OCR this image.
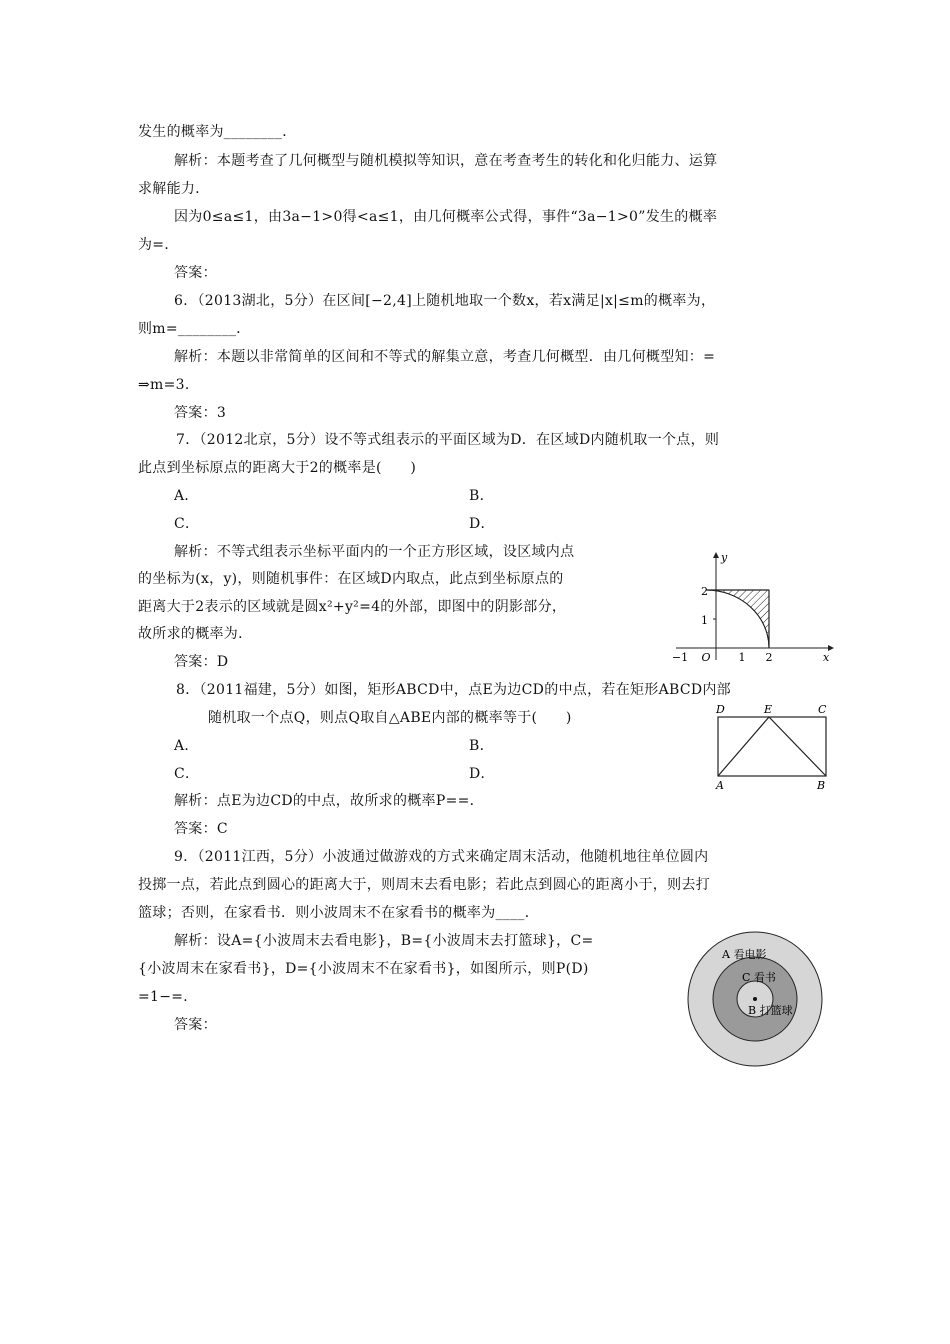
发生的概率为________．
解析：本题考查了几何概型与随机模拟等知识，意在考查考生的转化和化归能力、运算
求解能力．
因为0≤a≤1，由3a−1>0得<a≤1，由几何概率公式得，事件“3a−1>0”发生的概率
为=．
答案：
6．（2013湖北，5分）在区间[−2,4]上随机地取一个数x，若x满足|x|≤m的概率为，
则m=________．
解析：本题以非常简单的区间和不等式的解集立意，考查几何概型．由几何概型知：=
⇒m=3．
答案：3
7．（2012北京，5分）设不等式组表示的平面区域为D．在区域D内随机取一个点，则
此点到坐标原点的距离大于2的概率是(　　)
A．	B．
C．	D．
解析：不等式组表示坐标平面内的一个正方形区域，设区域内点
的坐标为(x，y)，则随机事件：在区域D内取点，此点到坐标原点的
距离大于2表示的区域就是圆x²+y²=4的外部，即图中的阴影部分，
故所求的概率为．
答案：D
8．（2011福建，5分）如图，矩形ABCD中，点E为边CD的中点，若在矩形ABCD内部
随机取一个点Q，则点Q取自△ABE内部的概率等于(　　)
A．	B．
C．	D．
解析：点E为边CD的中点，故所求的概率P==．
答案：C
9．（2011江西，5分）小波通过做游戏的方式来确定周末活动，他随机地往单位圆内
投掷一点，若此点到圆心的距离大于，则周末去看电影；若此点到圆心的距离小于，则去打
篮球；否则，在家看书．则小波周末不在家看书的概率为____．
解析：设A={小波周末去看电影}，B={小波周末去打篮球}，C=
{小波周末在家看书}，D={小波周末不在家看书}，如图所示，则P(D)
=1−=．
答案：
y
x
2
1
−1 O	1 2
D	E	C
A	B
A 看电影
C 看书
B 打篮球
